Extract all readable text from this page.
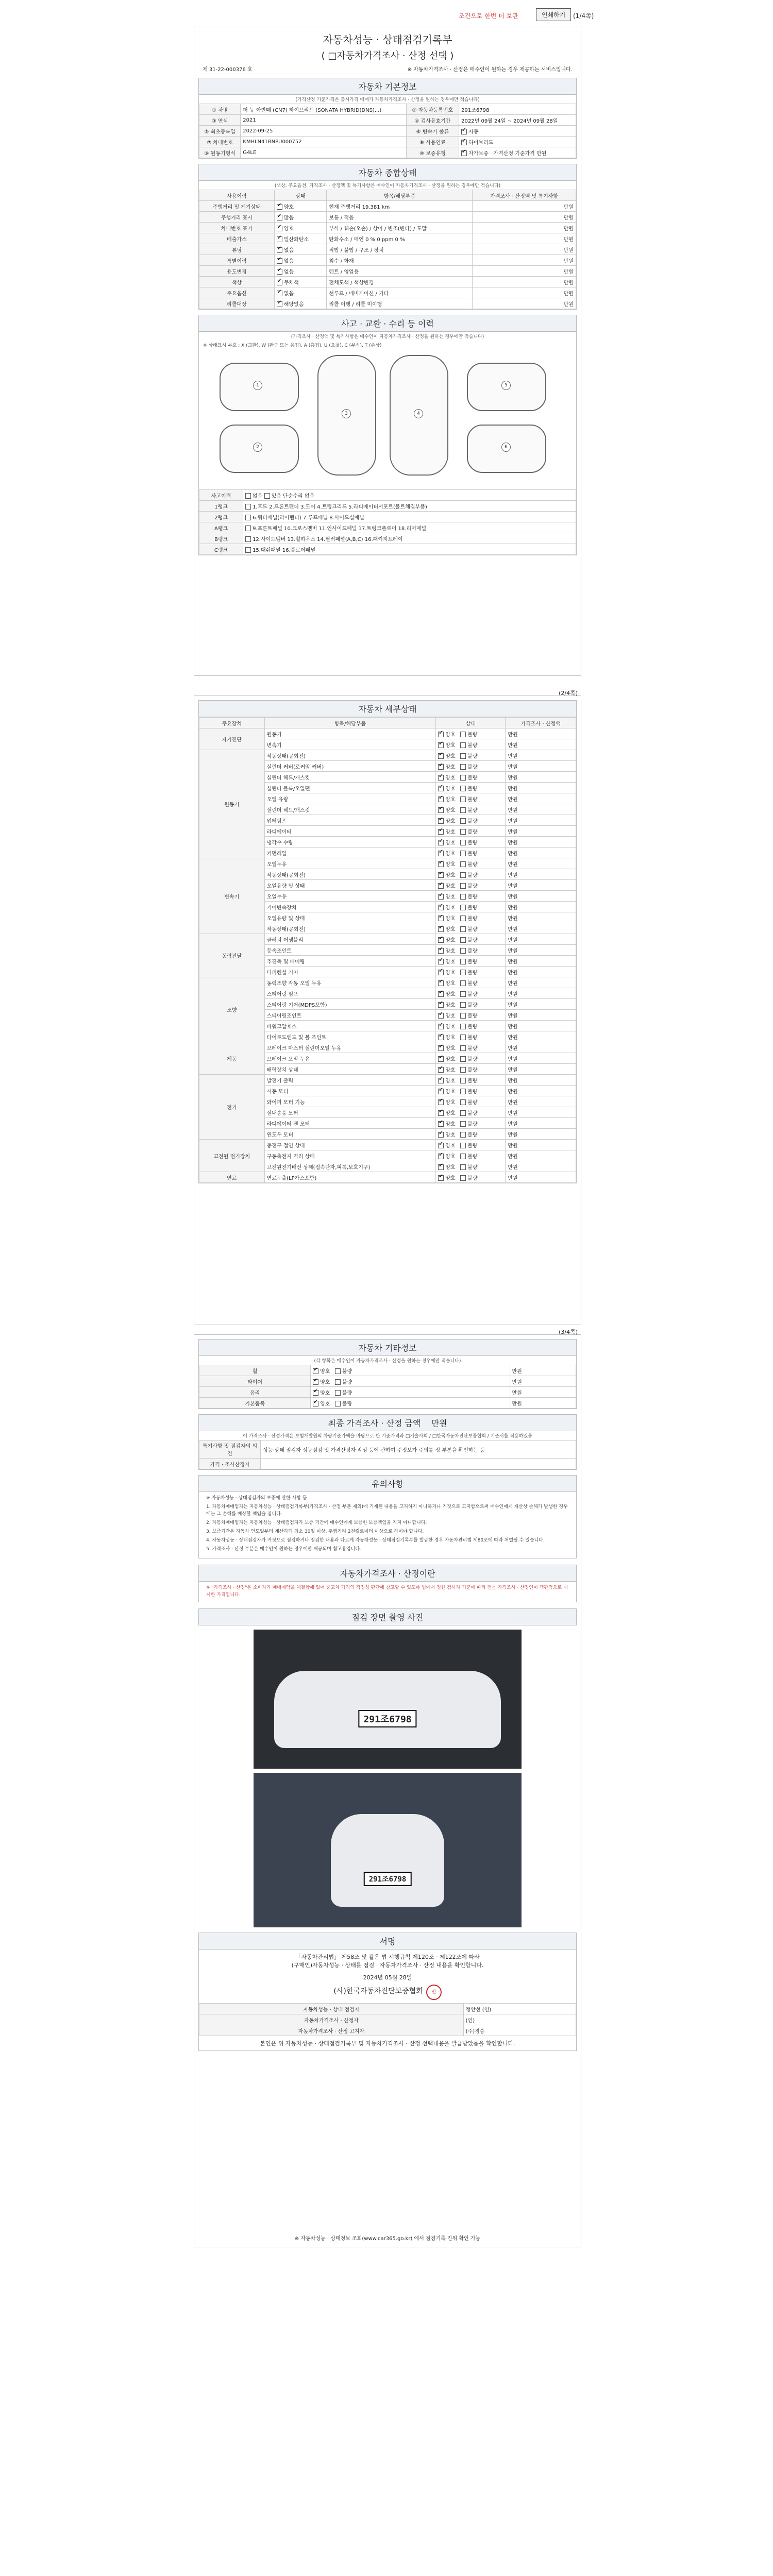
조건으로 한번 더 보관	인쇄하기	(1/4쪽)
자동차성능 · 상태점검기록부
( □자동차가격조사 · 산정 선택 )
제 31-22-000376 호	※ 자동차가격조사 · 산정은 매수인이 원하는 경우 제공하는 서비스입니다.
자동차 기본정보
(가격산정 기준가격은 출시가격 매매가 자동차가격조사 · 산정을 원하는 경우에만 적습니다)
① 차명	더 뉴 아반떼 (CN7) 하이브리드 (SONATA HYBRID(DNS)...)	② 자동차등록번호	291조6798
③ 연식	2021	④ 검사유효기간	2022년 09월 24일 ~ 2024년 09월 28일
⑤ 최초등록일	2022-09-25	⑥ 변속기 종류	✔자동
⑦ 차대번호	KMHLN41BNPU000752	⑧ 사용연료	✔하이브리드
⑨ 원동기형식	G4LE	⑩ 보증유형	✔자가보증 가격산정 기준가격 만원
자동차 종합상태
(색상, 주요옵션, 가격조사 · 산정액 및 특기사항은 매수인이 자동차가격조사 · 산정을 원하는 경우에만 적습니다)
사용이력	상태	항목/해당부품	가격조사 · 산정액 및 특기사항
주행거리 및 계기상태	✔양호	현재 주행거리 19,381 km	만원
주행거리 표시	✔많음	보통 / 적음	만원
차대번호 표기	✔양호	부식 / 훼손(오손) / 상이 / 변조(변타) / 도말	만원
배출가스	✔일산화탄소	탄화수소 / 매연 0 % 0 ppm 0 %	만원
튜닝	✔없음	적법 / 불법 / 구조 / 장치	만원
특별이력	✔없음	침수 / 화재	만원
용도변경	✔없음	렌트 / 영업용	만원
색상	✔무채색	전체도색 / 색상변경	만원
주요옵션	✔없음	선루프 / 네비게이션 / 기타	만원
리콜대상	✔해당없음	리콜 이행 / 리콜 미이행	만원
사고 · 교환 · 수리 등 이력
(가격조사 · 산정액 및 특기사항은 매수인이 자동차가격조사 · 산정을 원하는 경우에만 적습니다)
※ 상태표시 부호 : X (교환), W (판금 또는 용접), A (흠집), U (요철), C (부식), T (손상)
1
2
3	4
5
6
사고이력	없음 있음 단순수리 없음
1랭크	1.후드 2.프론트펜더 3.도어 4.트렁크리드 5.라디에이터서포트(볼트체결부품)
2랭크	6.쿼터패널(리어펜더) 7.루프패널 8.사이드실패널
A랭크	9.프론트패널 10.크로스멤버 11.인사이드패널 17.트렁크플로어 18.리어패널
B랭크	12.사이드멤버 13.휠하우스 14.필러패널(A,B,C) 16.패키지트레이
C랭크	15.대쉬패널 16.플로어패널
(2/4쪽)
자동차 세부상태
주요장치	항목/해당부품	상태	가격조사 · 산정액
자기진단	원동기	✔양호   불량	만원
	변속기	✔양호   불량	만원
원동기	작동상태(공회전)	✔양호   불량	만원
	실린더 커버(로커암 커버)	✔양호   불량	만원
	실린더 헤드/개스킷	✔양호   불량	만원
	실린더 블록/오일팬	✔양호   불량	만원
	오일 유량	✔양호   불량	만원
	실린더 헤드/개스킷	✔양호   불량	만원
	워터펌프	✔양호   불량	만원
	라디에이터	✔양호   불량	만원
	냉각수 수량	✔양호   불량	만원
	커먼레일	✔양호   불량	만원
변속기	오일누유	✔양호   불량	만원
	작동상태(공회전)	✔양호   불량	만원
	오일유량 및 상태	✔양호   불량	만원
	오일누유	✔양호   불량	만원
	기어변속장치	✔양호   불량	만원
	오일유량 및 상태	✔양호   불량	만원
	작동상태(공회전)	✔양호   불량	만원
동력전달	클러치 어셈블리	✔양호   불량	만원
	등속조인트	✔양호   불량	만원
	추진축 및 베어링	✔양호   불량	만원
	디퍼렌셜 기어	✔양호   불량	만원
조향	동력조향 작동 오일 누유	✔양호   불량	만원
	스티어링 펌프	✔양호   불량	만원
	스티어링 기어(MDPS포함)	✔양호   불량	만원
	스티어링조인트	✔양호   불량	만원
	파워고압호스	✔양호   불량	만원
	타이로드엔드 및 볼 조인트	✔양호   불량	만원
제동	브레이크 마스터 실린더오일 누유	✔양호   불량	만원
	브레이크 오일 누유	✔양호   불량	만원
	배력장치 상태	✔양호   불량	만원
전기	발전기 출력	✔양호   불량	만원
	시동 모터	✔양호   불량	만원
	와이퍼 모터 기능	✔양호   불량	만원
	실내송풍 모터	✔양호   불량	만원
	라디에이터 팬 모터	✔양호   불량	만원
	윈도우 모터	✔양호   불량	만원
고전원 전기장치	충전구 절연 상태	✔양호   불량	만원
	구동축전지 격리 상태	✔양호   불량	만원
	고전원전기배선 상태(접속단자,피복,보호기구)	✔양호   불량	만원
연료	연료누출(LP가스포함)	✔양호   불량	만원
(3/4쪽)
자동차 기타정보
(각 항목은 매수인이 자동차가격조사 · 산정을 원하는 경우에만 적습니다)
휠	✔양호   불량	만원
타이어	✔양호   불량	만원
유리	✔양호   불량	만원
기본품목	✔양호   불량	만원
최종 가격조사 · 산정 금액 만원
이 가격조사 · 산정가격은 보험개발원의 차량기준가액을 바탕으로 한 기준가격과 □기술사회 / □한국자동차진단보증협회 / 기준서를 적용하였음
특기사항 및 점검자의 의견	성능·상태 점검자 성능점검 및 가격산정자 작성 등에 관하여 주정보가 주의를 정 부분을 확인하는 등
가격 · 조사산정자	
유의사항

※ 자동차성능 · 상태점검자의 보증에 관한 사항 등

1. 자동차매매업자는 자동차성능 · 상태점검기록부(가격조사 · 산정 부분 제외)에 기재된 내용을 고지하지 아니하거나 거짓으로 고지함으로써 매수인에게 재산상 손해가 발생한 경우에는 그 손해를 배상할 책임을 집니다.

2. 자동차매매업자는 자동차성능 · 상태점검자가 보증 기간에 매수인에게 보증한 보증책임을 지지 아니합니다.

3. 보증기간은 자동차 인도일부터 계산하되 최소 30일 이상, 주행거리 2천킬로미터 이상으로 하여야 합니다.

4. 자동차성능 · 상태점검자가 거짓으로 점검하거나 점검한 내용과 다르게 자동차성능 · 상태점검기록부를 발급한 경우 자동차관리법 제80조에 따라 처벌될 수 있습니다.

5. 가격조사 · 산정 부분은 매수인이 원하는 경우에만 제공되며 참고용입니다.

자동차가격조사 · 산정이란
※ "가격조사 · 산정"은 소비자가 매매계약을 체결함에 있어 중고차 가격의 적정성 판단에 참고할 수 있도록 법에서 정한 검사자 기준에 따라 전문 가격조사 · 산정인이 객관적으로 제시한 가격입니다.
점검 장면 촬영 사진
291조6798
291조6798
서명
「자동차관리법」 제58조 및 같은 법 시행규칙 제120조 · 제122조에 따라
(구매인)자동차성능 · 상태를 점검 · 자동차가격조사 · 산정 내용을 확인합니다.
2024년 05월 28일
(사)한국자동차진단보증협회 인
자동차성능 · 상태 점검자	정안선 (인)
자동차가격조사 · 산정자	(인)
자동차가격조사 · 산정 고지자	(주)경승
본인은 위 자동차성능 · 상태점검기록부 및 자동차가격조사 · 산정 선택내용을 발급받았음을 확인합니다.
※ 자동차성능 · 상태정보 조회(www.car365.go.kr) 에서 점검기록 진위 확인 가능
